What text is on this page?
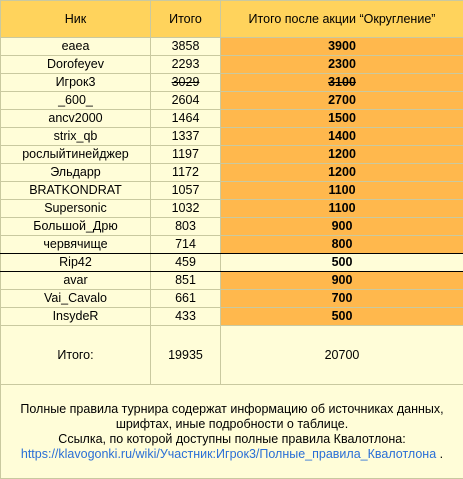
Ник	Итого	Итого после акции “Округление”
eaea	3858	3900
Dorofeyev	2293	2300
Игрок3	3029	3100
_600_	2604	2700
ancv2000	1464	1500
strix_qb	1337	1400
рослыйтинейджер	1197	1200
Эльдарр	1172	1200
BRATKONDRAT	1057	1100
Supersonic	1032	1100
Большой_Дрю	803	900
червячище	714	800
Rip42	459	500
avar	851	900
Vai_Cavalo	661	700
InsydeR	433	500
Итого:	19935	20700
Полные правила турнира содержат информацию об источниках данных, шрифтах, иные подробности о таблице.
Ссылка, по которой доступны полные правила Квалотлона:
https://klavogonki.ru/wiki/Участник:Игрок3/Полные_правила_Квалотлона .		
